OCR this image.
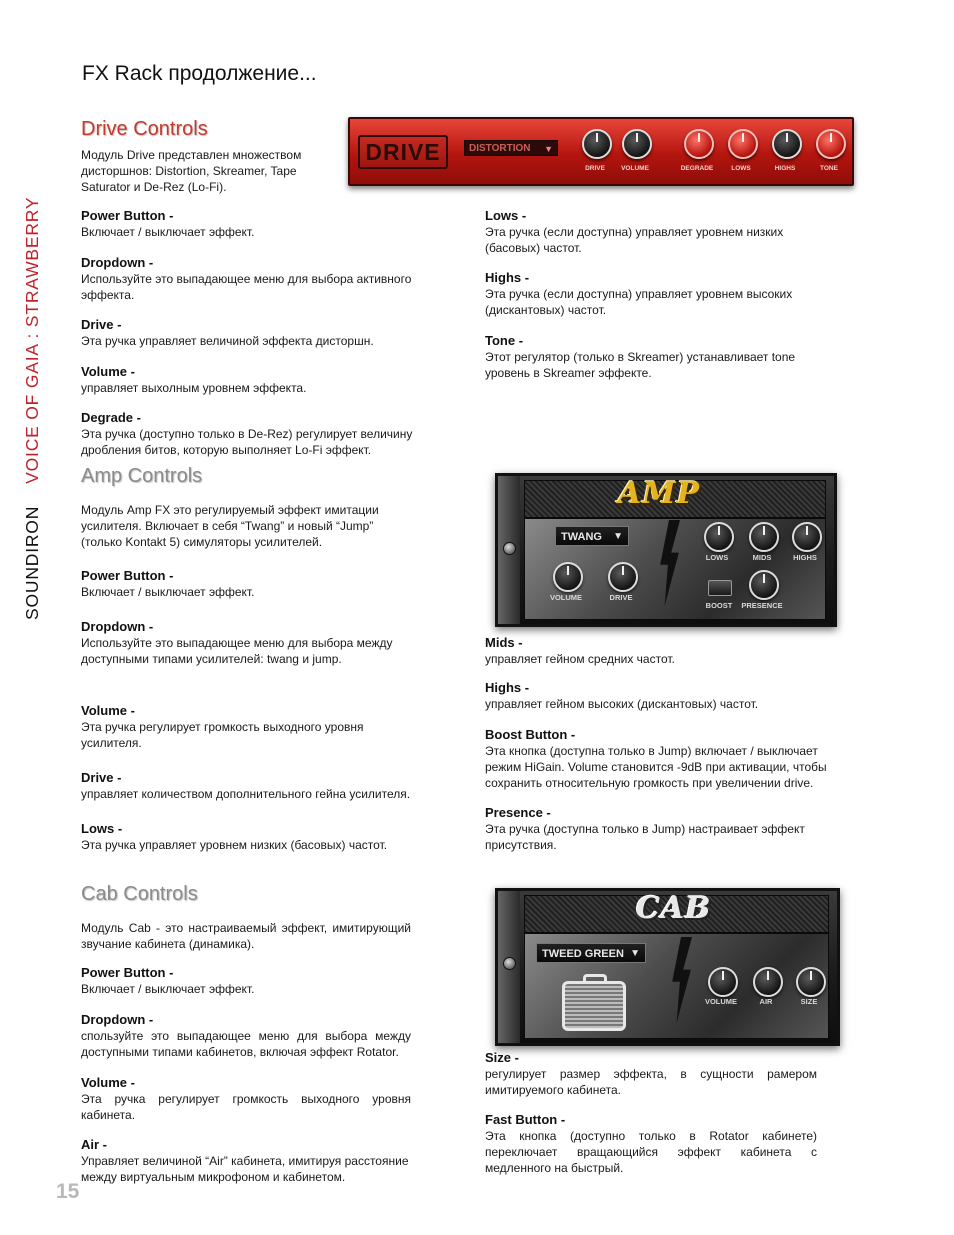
FX Rack продолжение...
SOUNDIRONVOICE OF GAIA : STRAWBERRY
15
Drive Controls
Модуль Drive представлен множеством дисторшнов: Distortion, Skreamer, Tape Saturator и De-Rez (Lo-Fi).
DRIVE	DISTORTION ▼
DRIVE	VOLUME	DEGRADE	LOWS	HIGHS	TONE
Power Button -
Включает / выключает эффект.
Dropdown -
Используйте это выпадающее меню для выбора активного эффекта.
Drive -
Эта ручка управляет величиной эффекта дисторшн.
Volume -
управляет выхолным уровнем эффекта.
Degrade -
Эта ручка (доступно только в De-Rez) регулирует величину дробления битов, которую выполняет Lo-Fi эффект.
Lows -
Эта ручка (если доступна) управляет уровнем низких (басовых) частот.
Highs -
Эта ручка (если доступна) управляет уровнем высоких (дискантовых) частот.
Tone -
Этот регулятор (только в Skreamer) устанавливает tone уровень в Skreamer эффекте.
Amp Controls
Модуль Amp FX это регулируемый эффект имитации усилителя. Включает в себя “Twang” и новый “Jump” (только Kontakt 5) симуляторы усилителей.
AMP
TWANG ▼
LOWS	MIDS	HIGHS
VOLUME	DRIVE
BOOST	PRESENCE
Power Button -
Включает / выключает эффект.
Dropdown -
Используйте это выпадающее меню для выбора между доступными типами усилителей: twang и jump.
Volume -
Эта ручка регулирует громкость выходного уровня усилителя.
Drive -
управляет количеством дополнительного гейна усилителя.
Lows -
Эта ручка управляет уровнем низких (басовых) частот.
Mids -
управляет гейном средних частот.
Highs -
управляет гейном высоких (дискантовых) частот.
Boost Button -
Эта кнопка (доступна только в Jump) включает / выключает режим HiGain. Volume становится -9dB при активации, чтобы сохранить относительную громкость при увеличении drive.
Presence -
Эта ручка (доступна только в Jump) настраивает эффект присутствия.
Cab Controls
Модуль Cab - это настраиваемый эффект, имитирующий звучание кабинета (динамика).
CAB
TWEED GREEN ▼
VOLUME	AIR	SIZE
Power Button -
Включает / выключает эффект.
Dropdown -
спользуйте это выпадающее меню для выбора между доступными типами кабинетов, включая эффект Rotator.
Volume -
Эта ручка регулирует громкость выходного уровня кабинета.
Air -
Управляет величиной “Air” кабинета, имитируя расстояние между виртуальным микрофоном и кабинетом.
Size -
регулирует размер эффекта, в сущности рамером имитируемого кабинета.
Fast Button -
Эта кнопка (доступно только в Rotator кабинете) переключает вращающийся эффект кабинета с медленного на быстрый.
